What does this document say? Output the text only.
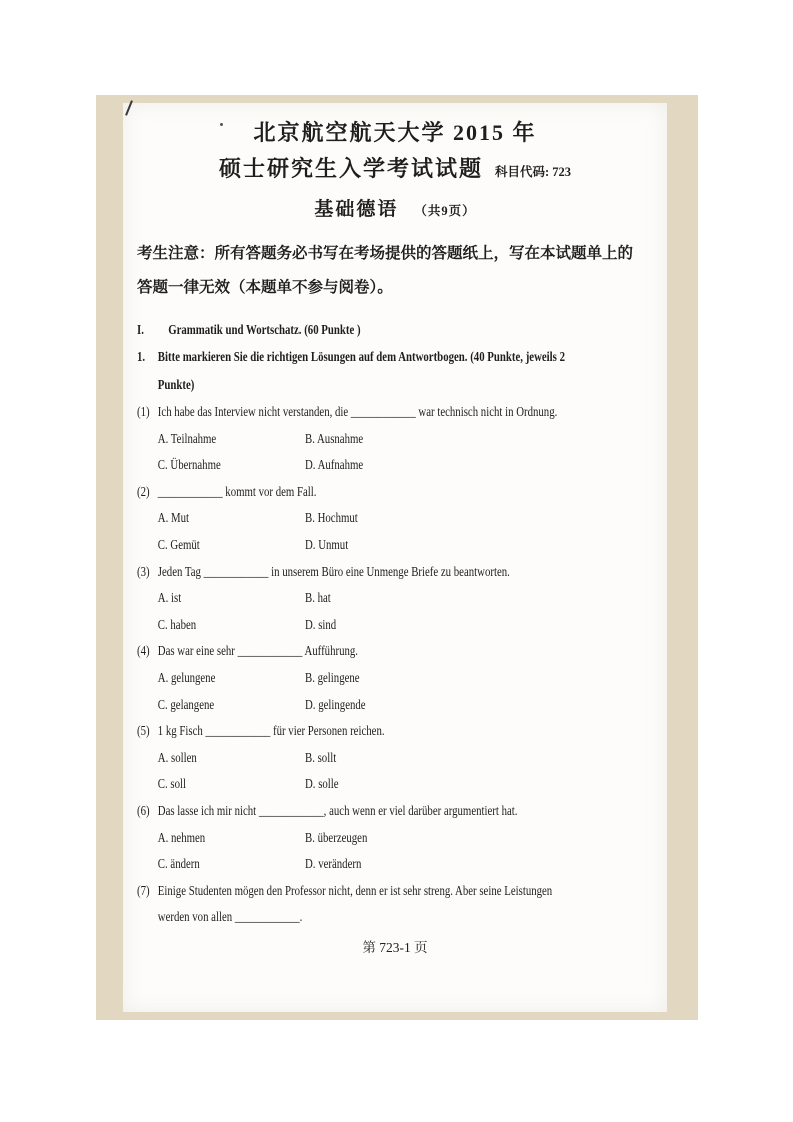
北京航空航天大学 2015 年
硕士研究生入学考试试题 科目代码: 723
基础德语 （共9页）
考生注意：所有答题务必书写在考场提供的答题纸上，写在本试题单上的
答题一律无效（本题单不参与阅卷）。
I.	Grammatik und Wortschatz. (60 Punkte )
1. Bitte markieren Sie die richtigen Lösungen auf dem Antwortbogen. (40 Punkte, jeweils 2
Punkte)
(1) Ich habe das Interview nicht verstanden, die ____________ war technisch nicht in Ordnung.
A. Teilnahme	B. Ausnahme
C. Übernahme	D. Aufnahme
(2) ____________ kommt vor dem Fall.
A. Mut	B. Hochmut
C. Gemüt	D. Unmut
(3) Jeden Tag ____________ in unserem Büro eine Unmenge Briefe zu beantworten.
A. ist	B. hat
C. haben	D. sind
(4) Das war eine sehr ____________ Aufführung.
A. gelungene	B. gelingene
C. gelangene	D. gelingende
(5) 1 kg Fisch ____________ für vier Personen reichen.
A. sollen	B. sollt
C. soll	D. solle
(6) Das lasse ich mir nicht ____________, auch wenn er viel darüber argumentiert hat.
A. nehmen	B. überzeugen
C. ändern	D. verändern
(7) Einige Studenten mögen den Professor nicht, denn er ist sehr streng. Aber seine Leistungen
werden von allen ____________.
第 723-1 页
